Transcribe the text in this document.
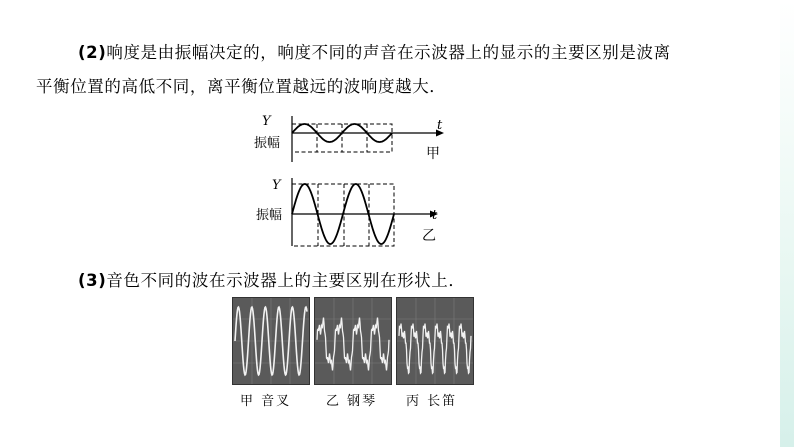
(2)响度是由振幅决定的，响度不同的声音在示波器上的显示的主要区别是波离
平衡位置的高低不同，离平衡位置越远的波响度越大．
Y
振幅
t
甲
Y
振幅	t
乙
(3)音色不同的波在示波器上的主要区别在形状上．
甲 音叉	乙 钢琴 丙 长笛
